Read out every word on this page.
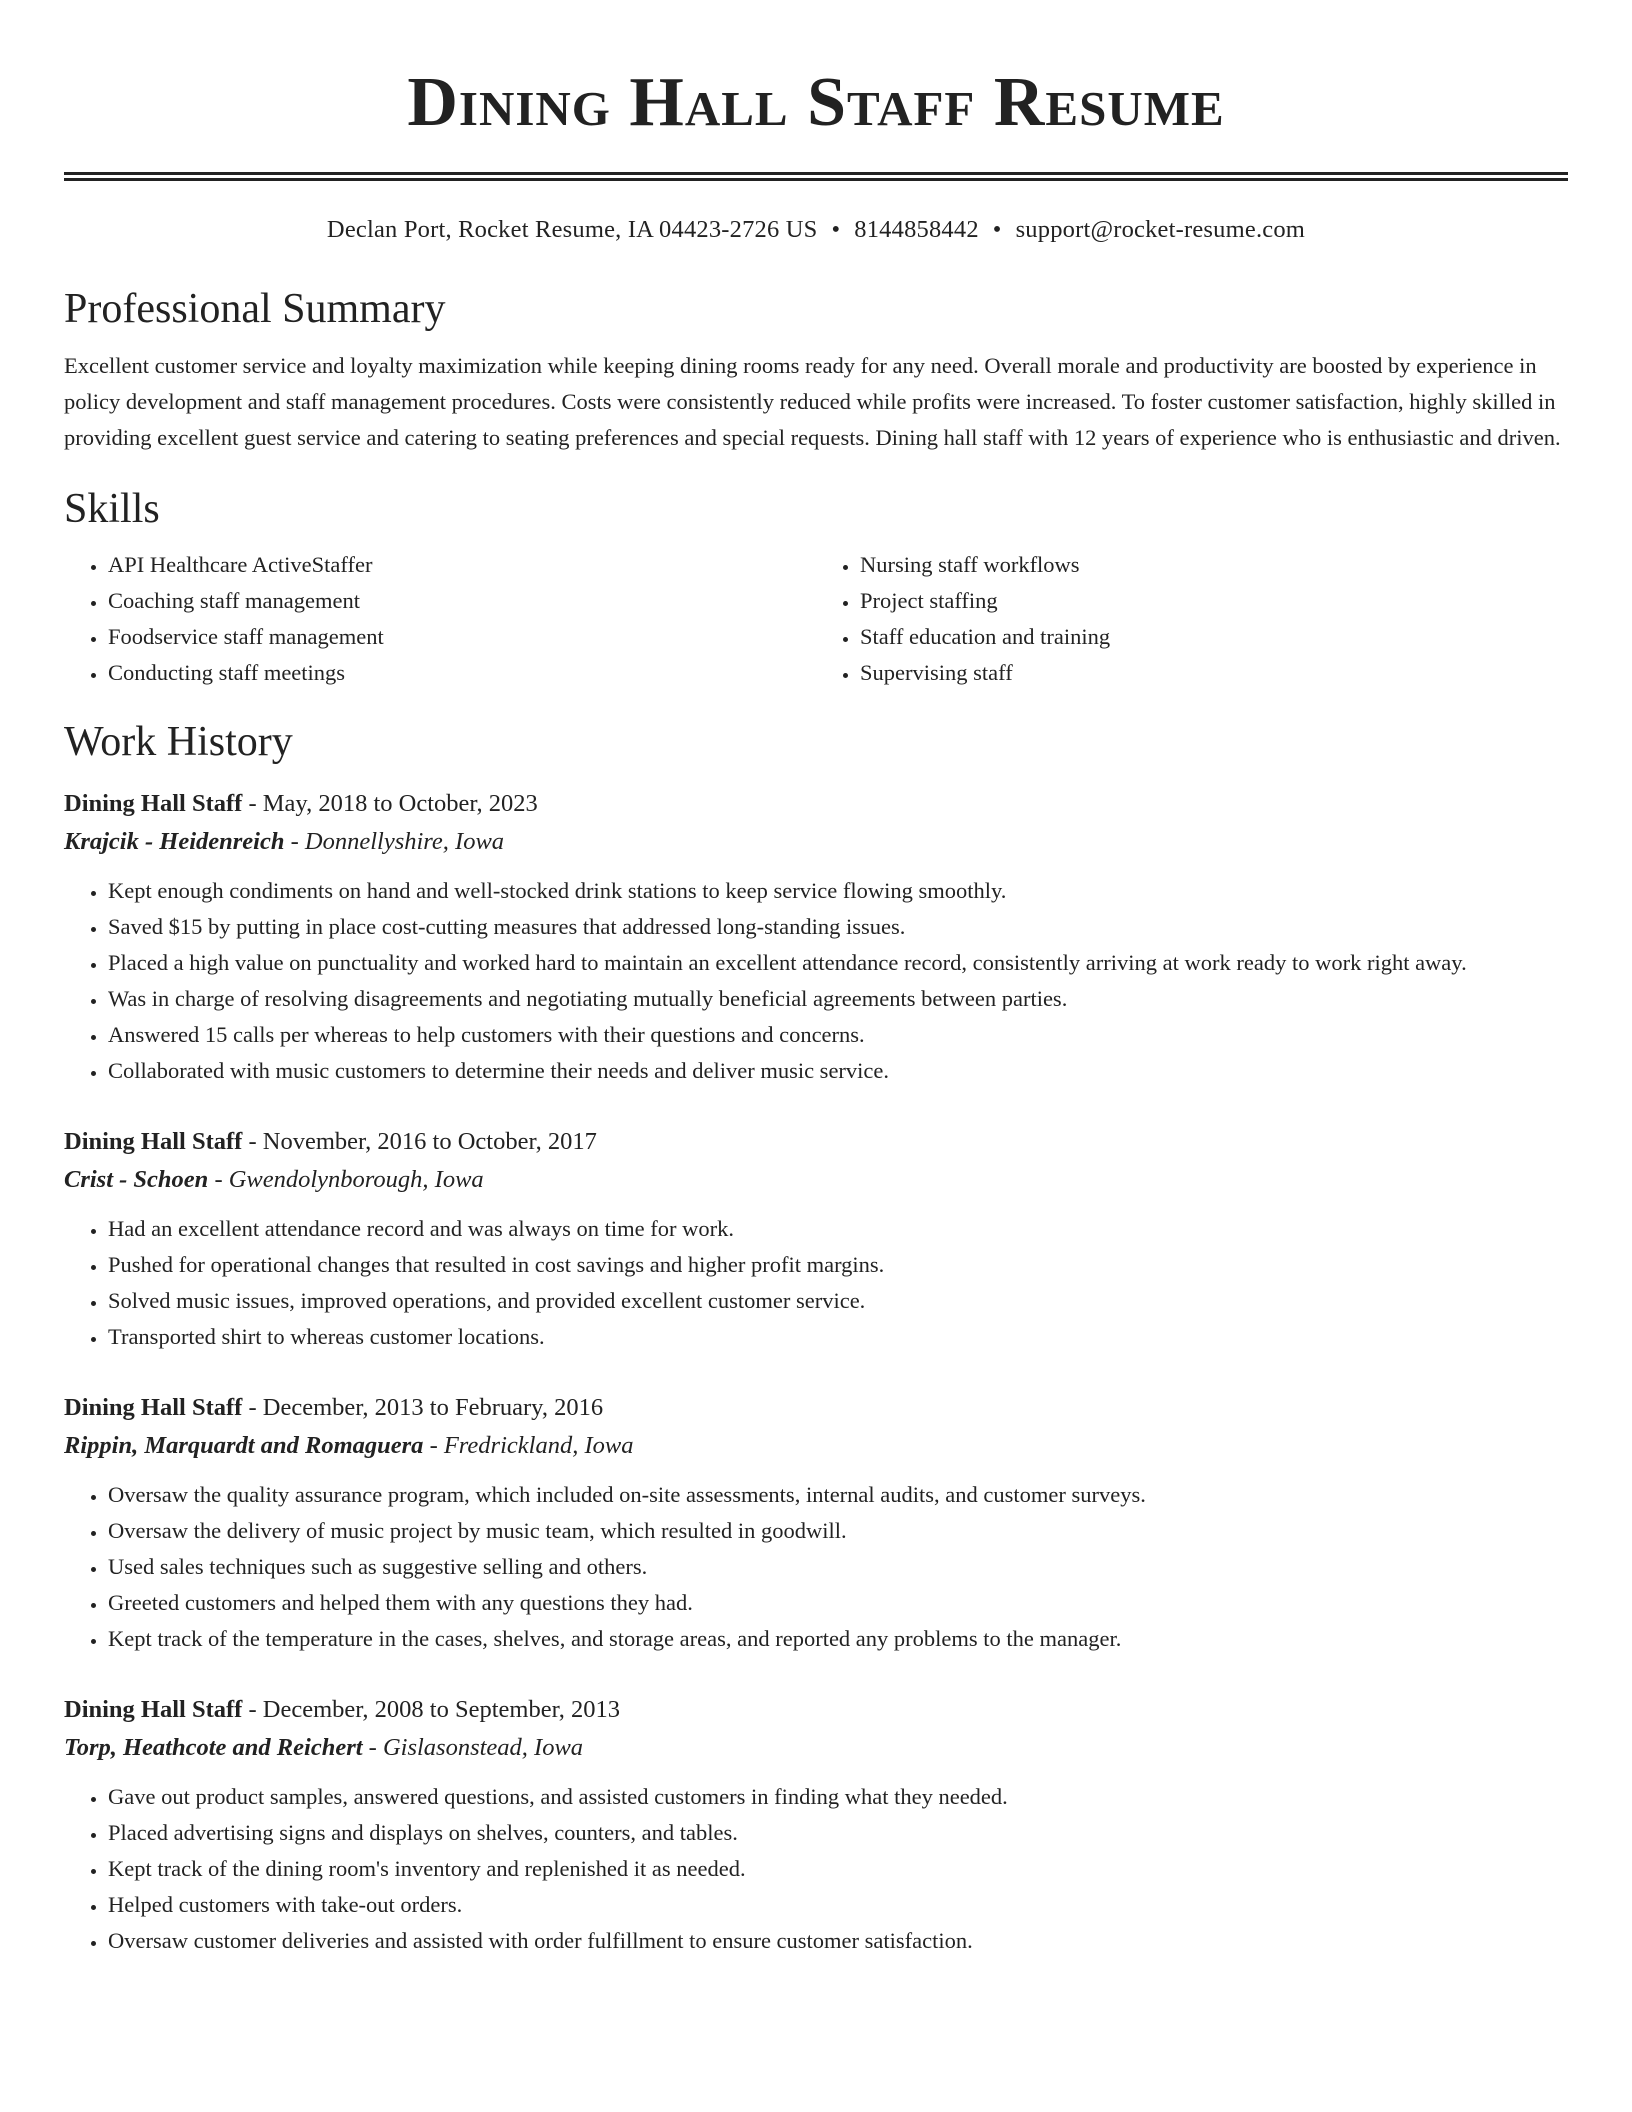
Dining Hall Staff Resume
Declan Port, Rocket Resume, IA 04423-2726 US • 8144858442 • support@rocket-resume.com
Professional Summary

Excellent customer service and loyalty maximization while keeping dining rooms ready for any need. Overall morale and productivity are boosted by experience in policy development and staff management procedures. Costs were consistently reduced while profits were increased. To foster customer satisfaction, highly skilled in providing excellent guest service and catering to seating preferences and special requests. Dining hall staff with 12 years of experience who is enthusiastic and driven.

Skills
• API Healthcare ActiveStaffer
• Coaching staff management
• Foodservice staff management
• Conducting staff meetings
• Nursing staff workflows
• Project staffing
• Staff education and training
• Supervising staff
Work History
Dining Hall Staff - May, 2018 to October, 2023
Krajcik - Heidenreich - Donnellyshire, Iowa
• Kept enough condiments on hand and well-stocked drink stations to keep service flowing smoothly.
• Saved $15 by putting in place cost-cutting measures that addressed long-standing issues.
• Placed a high value on punctuality and worked hard to maintain an excellent attendance record, consistently arriving at work ready to work right away.
• Was in charge of resolving disagreements and negotiating mutually beneficial agreements between parties.
• Answered 15 calls per whereas to help customers with their questions and concerns.
• Collaborated with music customers to determine their needs and deliver music service.
Dining Hall Staff - November, 2016 to October, 2017
Crist - Schoen - Gwendolynborough, Iowa
• Had an excellent attendance record and was always on time for work.
• Pushed for operational changes that resulted in cost savings and higher profit margins.
• Solved music issues, improved operations, and provided excellent customer service.
• Transported shirt to whereas customer locations.
Dining Hall Staff - December, 2013 to February, 2016
Rippin, Marquardt and Romaguera - Fredrickland, Iowa
• Oversaw the quality assurance program, which included on-site assessments, internal audits, and customer surveys.
• Oversaw the delivery of music project by music team, which resulted in goodwill.
• Used sales techniques such as suggestive selling and others.
• Greeted customers and helped them with any questions they had.
• Kept track of the temperature in the cases, shelves, and storage areas, and reported any problems to the manager.
Dining Hall Staff - December, 2008 to September, 2013
Torp, Heathcote and Reichert - Gislasonstead, Iowa
• Gave out product samples, answered questions, and assisted customers in finding what they needed.
• Placed advertising signs and displays on shelves, counters, and tables.
• Kept track of the dining room's inventory and replenished it as needed.
• Helped customers with take-out orders.
• Oversaw customer deliveries and assisted with order fulfillment to ensure customer satisfaction.
